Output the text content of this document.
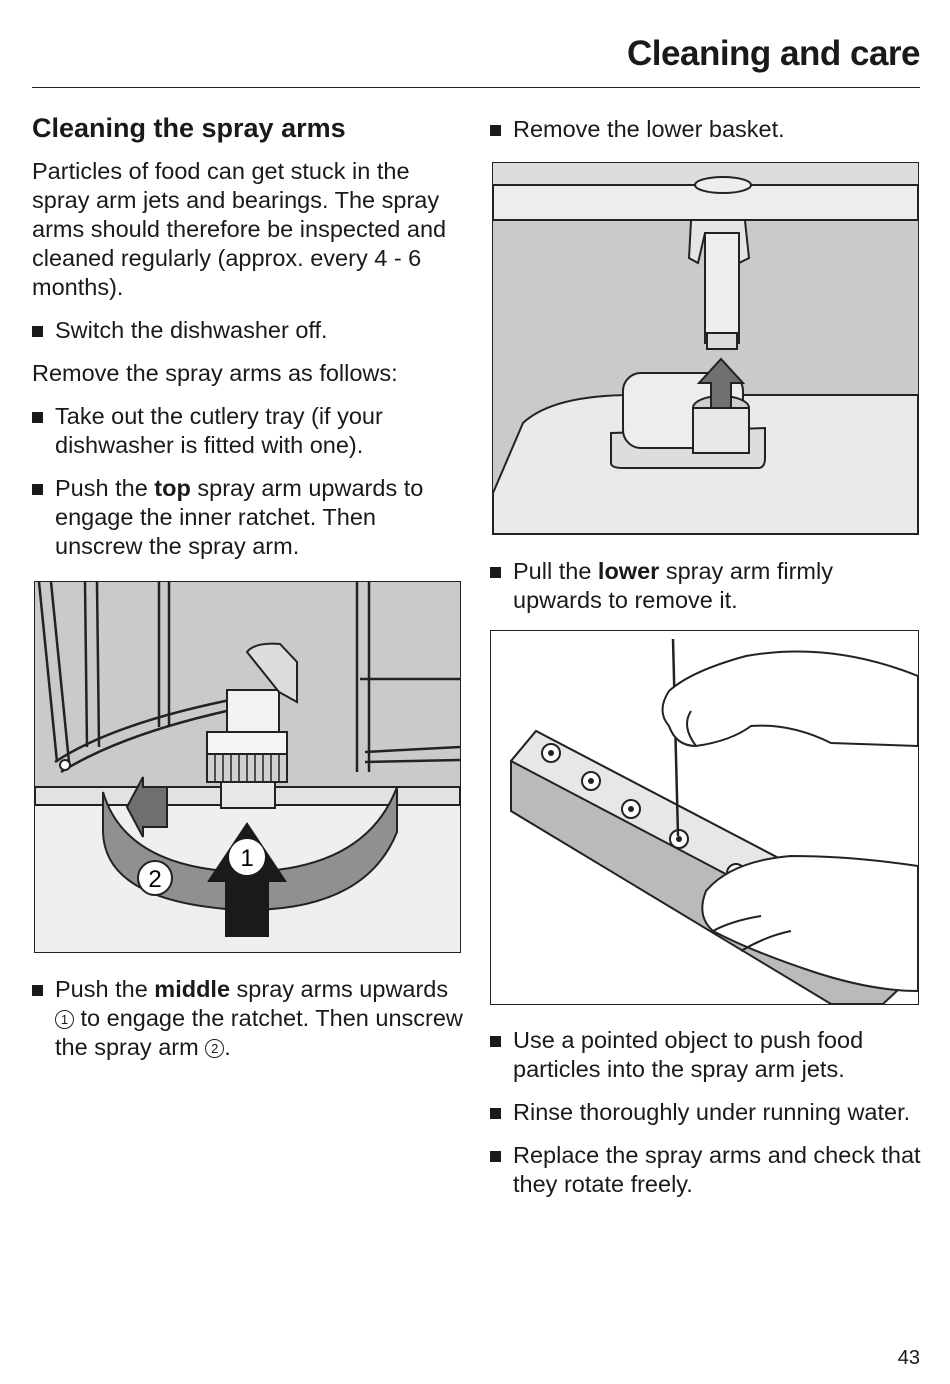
Cleaning and care
Cleaning the spray arms

Particles of food can get stuck in the spray arm jets and bearings. The spray arms should therefore be inspected and cleaned regularly (approx. every 4 - 6 months).

Switch the dishwasher off.

Remove the spray arms as follows:

Take out the cutlery tray (if your dishwasher is fitted with one).
Push the top spray arm upwards to engage the inner ratchet. Then unscrew the spray arm.
2
1
Push the middle spray arms upwards 1 to engage the ratchet. Then unscrew the spray arm 2 .
Remove the lower basket.
Pull the lower spray arm firmly upwards to remove it.
Use a pointed object to push food particles into the spray arm jets.
Rinse thoroughly under running water.
Replace the spray arms and check that they rotate freely.
43
